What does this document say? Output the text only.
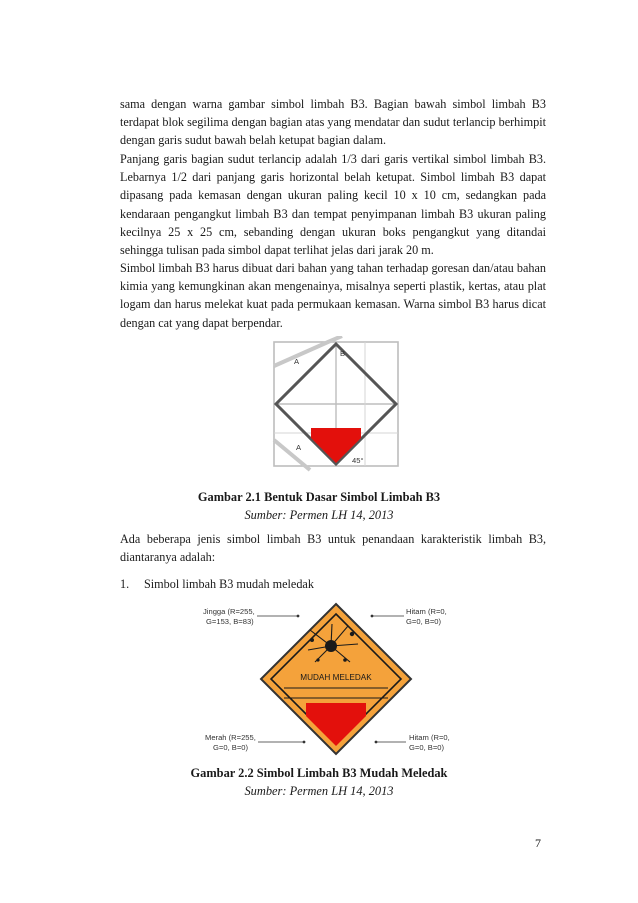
sama dengan warna gambar simbol limbah B3. Bagian bawah simbol limbah B3 terdapat blok segilima dengan bagian atas yang mendatar dan sudut terlancip berhimpit dengan garis sudut bawah belah ketupat bagian dalam.

Panjang garis bagian sudut terlancip adalah 1/3 dari garis vertikal simbol limbah B3. Lebarnya 1/2 dari panjang garis horizontal belah ketupat. Simbol limbah B3 dapat dipasang pada kemasan dengan ukuran paling kecil 10 x 10 cm, sedangkan pada kendaraan pengangkut limbah B3 dan tempat penyimpanan limbah B3 ukuran paling kecilnya 25 x 25 cm, sebanding dengan ukuran boks pengangkut yang ditandai sehingga tulisan pada simbol dapat terlihat jelas dari jarak 20 m.

Simbol limbah B3 harus dibuat dari bahan yang tahan terhadap goresan dan/atau bahan kimia yang kemungkinan akan mengenainya, misalnya seperti plastik, kertas, atau plat logam dan harus melekat kuat pada permukaan kemasan. Warna simbol B3 harus dicat dengan cat yang dapat berpendar.

A
B
A
45°

Gambar 2.1 Bentuk Dasar Simbol Limbah B3

Sumber: Permen LH 14, 2013

Ada beberapa jenis simbol limbah B3 untuk penandaan karakteristik limbah B3, diantaranya adalah:

1. Simbol limbah B3 mudah meledak

MUDAH MELEDAK
Jingga (R=255,
G=153, B=83)
Hitam (R=0,
G=0, B=0)
Merah (R=255,
G=0, B=0)
Hitam (R=0,
G=0, B=0)

Gambar 2.2 Simbol Limbah B3 Mudah Meledak

Sumber: Permen LH 14, 2013

7
